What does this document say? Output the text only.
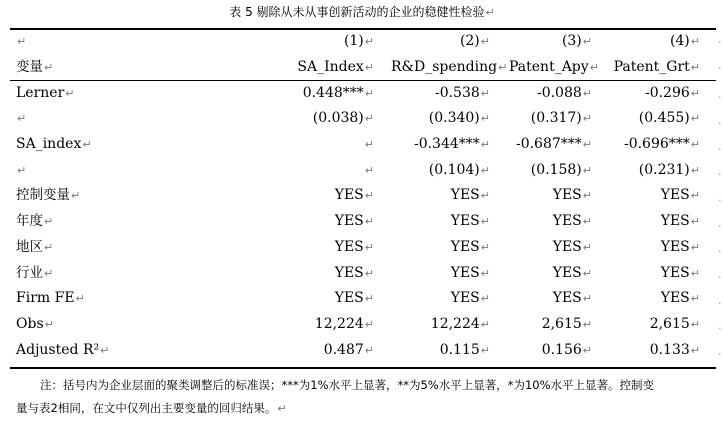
表 5 剔除从未从事创新活动的企业的稳健性检验↵
↵	(1)↵	(2)↵	(3)↵	(4)↵
变量↵	SA_Index↵	R&D_spending↵	Patent_Apy↵	Patent_Grt↵
Lerner↵	0.448***↵	-0.538↵	-0.088↵	-0.296↵
↵	(0.038)↵	(0.340)↵	(0.317)↵	(0.455)↵
SA_index↵	↵	-0.344***↵	-0.687***↵	-0.696***↵
↵	↵	(0.104)↵	(0.158)↵	(0.231)↵
控制变量↵	YES↵	YES↵	YES↵	YES↵
年度↵	YES↵	YES↵	YES↵	YES↵
地区↵	YES↵	YES↵	YES↵	YES↵
行业↵	YES↵	YES↵	YES↵	YES↵
Firm FE↵	YES↵	YES↵	YES↵	YES↵
Obs↵	12,224↵	12,224↵	2,615↵	2,615↵
Adjusted R²↵	0.487↵	0.115↵	0.156↵	0.133↵

注：括号内为企业层面的聚类调整后的标准误；***为1%水平上显著，**为5%水平上显著，*为10%水平上显著。控制变

量与表2相同，在文中仅列出主要变量的回归结果。↵

·
·
·
·
·
·
·
·
·
·
·
·
·
